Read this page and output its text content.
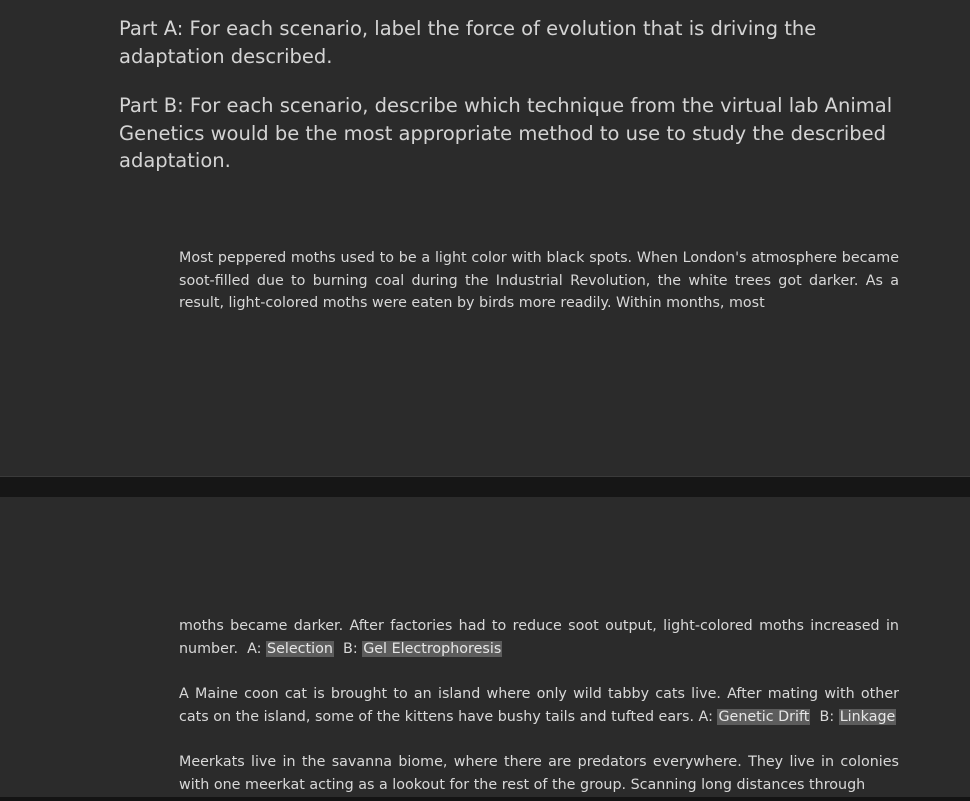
Part A: For each scenario, label the force of evolution that is driving the adaptation described.

Part B: For each scenario, describe which technique from the virtual lab Animal Genetics would be the most appropriate method to use to study the described adaptation.

Most peppered moths used to be a light color with black spots. When London's atmosphere became soot-filled due to burning coal during the Industrial Revolution, the white trees got darker. As a result, light-colored moths were eaten by birds more readily. Within months, most

moths became darker. After factories had to reduce soot output, light-colored moths increased in number. A: Selection B: Gel Electrophoresis

A Maine coon cat is brought to an island where only wild tabby cats live. After mating with other cats on the island, some of the kittens have bushy tails and tufted ears. A: Genetic Drift B: Linkage

Meerkats live in the savanna biome, where there are predators everywhere. They live in colonies with one meerkat acting as a lookout for the rest of the group. Scanning long distances through
